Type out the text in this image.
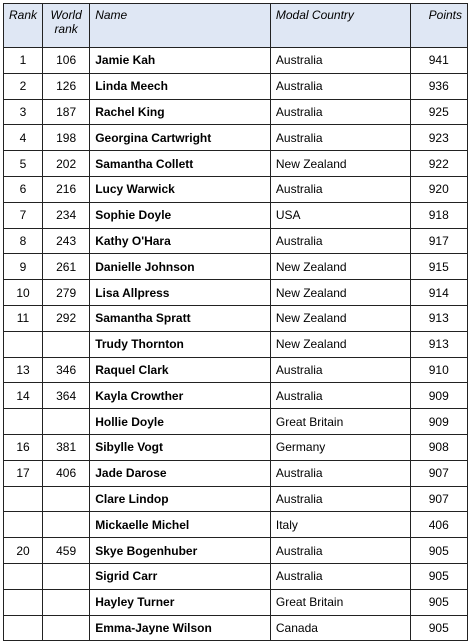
Rank	World rank	Name	Modal Country	Points
1	106	Jamie Kah	Australia	941
2	126	Linda Meech	Australia	936
3	187	Rachel King	Australia	925
4	198	Georgina Cartwright	Australia	923
5	202	Samantha Collett	New Zealand	922
6	216	Lucy Warwick	Australia	920
7	234	Sophie Doyle	USA	918
8	243	Kathy O'Hara	Australia	917
9	261	Danielle Johnson	New Zealand	915
10	279	Lisa Allpress	New Zealand	914
11	292	Samantha Spratt	New Zealand	913
		Trudy Thornton	New Zealand	913
13	346	Raquel Clark	Australia	910
14	364	Kayla Crowther	Australia	909
		Hollie Doyle	Great Britain	909
16	381	Sibylle Vogt	Germany	908
17	406	Jade Darose	Australia	907
		Clare Lindop	Australia	907
		Mickaelle Michel	Italy	406
20	459	Skye Bogenhuber	Australia	905
		Sigrid Carr	Australia	905
		Hayley Turner	Great Britain	905
		Emma-Jayne Wilson	Canada	905
